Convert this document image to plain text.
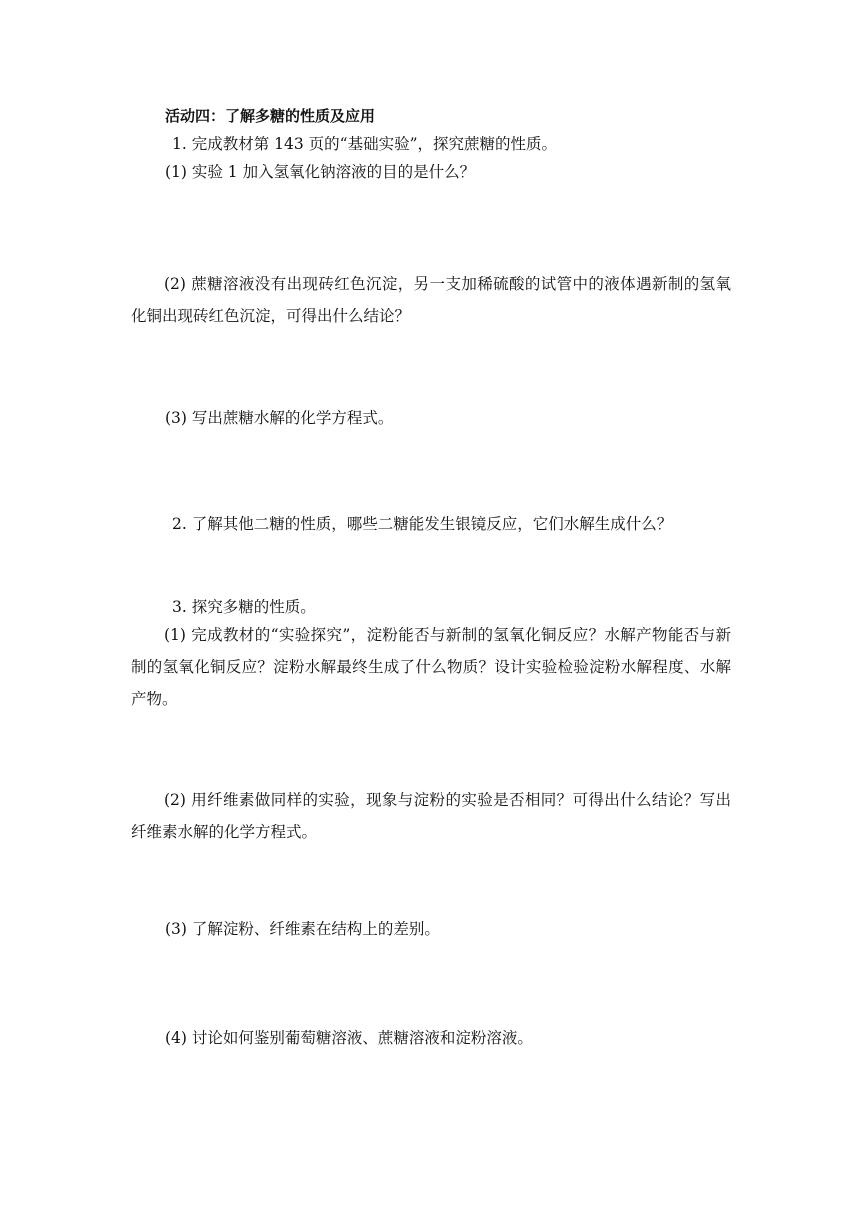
活动四：了解多糖的性质及应用
1. 完成教材第 143 页的“基础实验”，探究蔗糖的性质。
(1) 实验 1 加入氢氧化钠溶液的目的是什么？
(2) 蔗糖溶液没有出现砖红色沉淀，另一支加稀硫酸的试管中的液体遇新制的氢氧化铜出现砖红色沉淀，可得出什么结论？
(3) 写出蔗糖水解的化学方程式。
2. 了解其他二糖的性质，哪些二糖能发生银镜反应，它们水解生成什么？
3. 探究多糖的性质。
(1) 完成教材的“实验探究”，淀粉能否与新制的氢氧化铜反应？水解产物能否与新制的氢氧化铜反应？淀粉水解最终生成了什么物质？设计实验检验淀粉水解程度、水解产物。
(2) 用纤维素做同样的实验，现象与淀粉的实验是否相同？可得出什么结论？写出纤维素水解的化学方程式。
(3) 了解淀粉、纤维素在结构上的差别。
(4) 讨论如何鉴别葡萄糖溶液、蔗糖溶液和淀粉溶液。
